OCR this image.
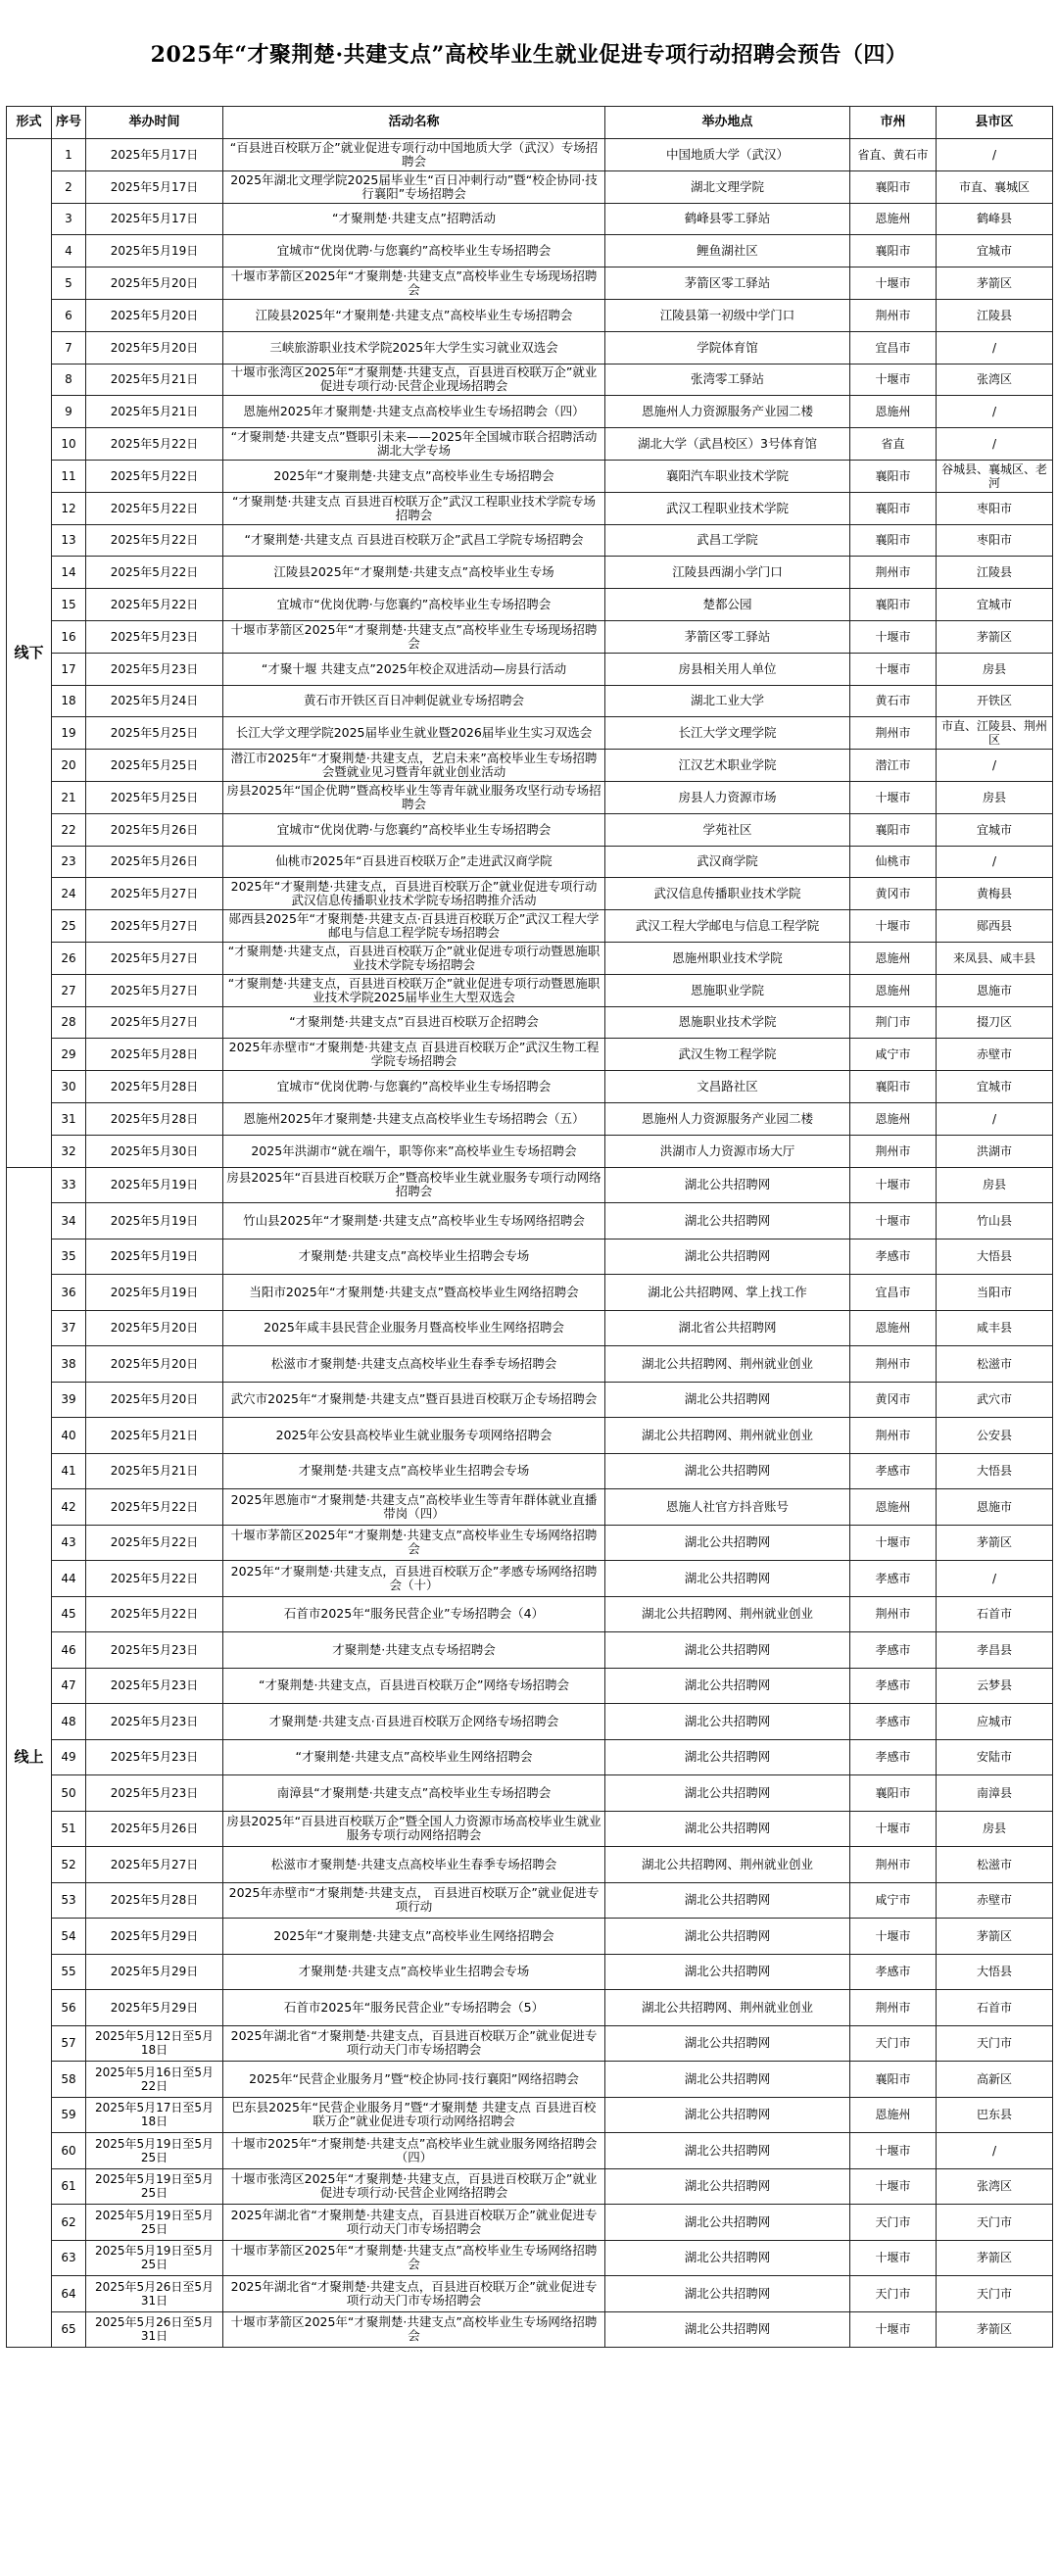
2025年“才聚荆楚·共建支点”高校毕业生就业促进专项行动招聘会预告（四）
形式	序号	举办时间	活动名称	举办地点	市州	县市区
线下	1	2025年5月17日	“百县进百校联万企”就业促进专项行动中国地质大学（武汉）专场招聘会	中国地质大学（武汉）	省直、黄石市	/
	2	2025年5月17日	2025年湖北文理学院2025届毕业生“百日冲刺行动”暨“校企协同·技行襄阳”专场招聘会	湖北文理学院	襄阳市	市直、襄城区
	3	2025年5月17日	“才聚荆楚·共建支点”招聘活动	鹤峰县零工驿站	恩施州	鹤峰县
	4	2025年5月19日	宜城市“优岗优聘·与您襄约”高校毕业生专场招聘会	鲤鱼湖社区	襄阳市	宜城市
	5	2025年5月20日	十堰市茅箭区2025年“才聚荆楚·共建支点”高校毕业生专场现场招聘会	茅箭区零工驿站	十堰市	茅箭区
	6	2025年5月20日	江陵县2025年“才聚荆楚·共建支点”高校毕业生专场招聘会	江陵县第一初级中学门口	荆州市	江陵县
	7	2025年5月20日	三峡旅游职业技术学院2025年大学生实习就业双选会	学院体育馆	宜昌市	/
	8	2025年5月21日	十堰市张湾区2025年“才聚荆楚·共建支点，百县进百校联万企”就业促进专项行动·民营企业现场招聘会	张湾零工驿站	十堰市	张湾区
	9	2025年5月21日	恩施州2025年才聚荆楚·共建支点高校毕业生专场招聘会（四）	恩施州人力资源服务产业园二楼	恩施州	/
	10	2025年5月22日	“才聚荆楚·共建支点”暨职引未来——2025年全国城市联合招聘活动湖北大学专场	湖北大学（武昌校区）3号体育馆	省直	/
	11	2025年5月22日	2025年“才聚荆楚·共建支点”高校毕业生专场招聘会	襄阳汽车职业技术学院	襄阳市	谷城县、襄城区、老河
	12	2025年5月22日	“才聚荆楚·共建支点 百县进百校联万企”武汉工程职业技术学院专场招聘会	武汉工程职业技术学院	襄阳市	枣阳市
	13	2025年5月22日	“才聚荆楚·共建支点 百县进百校联万企”武昌工学院专场招聘会	武昌工学院	襄阳市	枣阳市
	14	2025年5月22日	江陵县2025年“才聚荆楚·共建支点”高校毕业生专场	江陵县西湖小学门口	荆州市	江陵县
	15	2025年5月22日	宜城市“优岗优聘·与您襄约”高校毕业生专场招聘会	楚都公园	襄阳市	宜城市
	16	2025年5月23日	十堰市茅箭区2025年“才聚荆楚·共建支点”高校毕业生专场现场招聘会	茅箭区零工驿站	十堰市	茅箭区
	17	2025年5月23日	“才聚十堰 共建支点”2025年校企双进活动—房县行活动	房县相关用人单位	十堰市	房县
	18	2025年5月24日	黄石市开铁区百日冲刺促就业专场招聘会	湖北工业大学	黄石市	开铁区
	19	2025年5月25日	长江大学文理学院2025届毕业生就业暨2026届毕业生实习双选会	长江大学文理学院	荆州市	市直、江陵县、荆州区
	20	2025年5月25日	潜江市2025年“才聚荆楚·共建支点，艺启未来”高校毕业生专场招聘会暨就业见习暨青年就业创业活动	江汉艺术职业学院	潜江市	/
	21	2025年5月25日	房县2025年“国企优聘”暨高校毕业生等青年就业服务攻坚行动专场招聘会	房县人力资源市场	十堰市	房县
	22	2025年5月26日	宜城市“优岗优聘·与您襄约”高校毕业生专场招聘会	学苑社区	襄阳市	宜城市
	23	2025年5月26日	仙桃市2025年“百县进百校联万企”走进武汉商学院	武汉商学院	仙桃市	/
	24	2025年5月27日	2025年“才聚荆楚·共建支点，百县进百校联万企”就业促进专项行动武汉信息传播职业技术学院专场招聘推介活动	武汉信息传播职业技术学院	黄冈市	黄梅县
	25	2025年5月27日	郧西县2025年“才聚荆楚·共建支点·百县进百校联万企”武汉工程大学邮电与信息工程学院专场招聘会	武汉工程大学邮电与信息工程学院	十堰市	郧西县
	26	2025年5月27日	“才聚荆楚·共建支点，百县进百校联万企”就业促进专项行动暨恩施职业技术学院专场招聘会	恩施州职业技术学院	恩施州	来凤县、咸丰县
	27	2025年5月27日	“才聚荆楚·共建支点，百县进百校联万企”就业促进专项行动暨恩施职业技术学院2025届毕业生大型双选会	恩施职业学院	恩施州	恩施市
	28	2025年5月27日	“才聚荆楚·共建支点”百县进百校联万企招聘会	恩施职业技术学院	荆门市	掇刀区
	29	2025年5月28日	2025年赤壁市“才聚荆楚·共建支点 百县进百校联万企”武汉生物工程学院专场招聘会	武汉生物工程学院	咸宁市	赤壁市
	30	2025年5月28日	宜城市“优岗优聘·与您襄约”高校毕业生专场招聘会	文昌路社区	襄阳市	宜城市
	31	2025年5月28日	恩施州2025年才聚荆楚·共建支点高校毕业生专场招聘会（五）	恩施州人力资源服务产业园二楼	恩施州	/
	32	2025年5月30日	2025年洪湖市“就在端午，职等你来”高校毕业生专场招聘会	洪湖市人力资源市场大厅	荆州市	洪湖市
线上	33	2025年5月19日	房县2025年“百县进百校联万企”暨高校毕业生就业服务专项行动网络招聘会	湖北公共招聘网	十堰市	房县
	34	2025年5月19日	竹山县2025年“才聚荆楚·共建支点”高校毕业生专场网络招聘会	湖北公共招聘网	十堰市	竹山县
	35	2025年5月19日	才聚荆楚·共建支点”高校毕业生招聘会专场	湖北公共招聘网	孝感市	大悟县
	36	2025年5月19日	当阳市2025年“才聚荆楚·共建支点”暨高校毕业生网络招聘会	湖北公共招聘网、掌上找工作	宜昌市	当阳市
	37	2025年5月20日	2025年咸丰县民营企业服务月暨高校毕业生网络招聘会	湖北省公共招聘网	恩施州	咸丰县
	38	2025年5月20日	松滋市才聚荆楚·共建支点高校毕业生春季专场招聘会	湖北公共招聘网、荆州就业创业	荆州市	松滋市
	39	2025年5月20日	武穴市2025年“才聚荆楚·共建支点”暨百县进百校联万企专场招聘会	湖北公共招聘网	黄冈市	武穴市
	40	2025年5月21日	2025年公安县高校毕业生就业服务专项网络招聘会	湖北公共招聘网、荆州就业创业	荆州市	公安县
	41	2025年5月21日	才聚荆楚·共建支点”高校毕业生招聘会专场	湖北公共招聘网	孝感市	大悟县
	42	2025年5月22日	2025年恩施市“才聚荆楚·共建支点”高校毕业生等青年群体就业直播带岗（四）	恩施人社官方抖音账号	恩施州	恩施市
	43	2025年5月22日	十堰市茅箭区2025年“才聚荆楚·共建支点”高校毕业生专场网络招聘会	湖北公共招聘网	十堰市	茅箭区
	44	2025年5月22日	2025年“才聚荆楚·共建支点，百县进百校联万企”孝感专场网络招聘会（十）	湖北公共招聘网	孝感市	/
	45	2025年5月22日	石首市2025年“服务民营企业”专场招聘会（4）	湖北公共招聘网、荆州就业创业	荆州市	石首市
	46	2025年5月23日	才聚荆楚·共建支点专场招聘会	湖北公共招聘网	孝感市	孝昌县
	47	2025年5月23日	“才聚荆楚·共建支点，百县进百校联万企”网络专场招聘会	湖北公共招聘网	孝感市	云梦县
	48	2025年5月23日	才聚荆楚·共建支点·百县进百校联万企网络专场招聘会	湖北公共招聘网	孝感市	应城市
	49	2025年5月23日	“才聚荆楚·共建支点”高校毕业生网络招聘会	湖北公共招聘网	孝感市	安陆市
	50	2025年5月23日	南漳县“才聚荆楚·共建支点”高校毕业生专场招聘会	湖北公共招聘网	襄阳市	南漳县
	51	2025年5月26日	房县2025年“百县进百校联万企”暨全国人力资源市场高校毕业生就业服务专项行动网络招聘会	湖北公共招聘网	十堰市	房县
	52	2025年5月27日	松滋市才聚荆楚·共建支点高校毕业生春季专场招聘会	湖北公共招聘网、荆州就业创业	荆州市	松滋市
	53	2025年5月28日	2025年赤壁市“才聚荆楚·共建支点， 百县进百校联万企”就业促进专项行动	湖北公共招聘网	咸宁市	赤壁市
	54	2025年5月29日	2025年“才聚荆楚·共建支点”高校毕业生网络招聘会	湖北公共招聘网	十堰市	茅箭区
	55	2025年5月29日	才聚荆楚·共建支点”高校毕业生招聘会专场	湖北公共招聘网	孝感市	大悟县
	56	2025年5月29日	石首市2025年“服务民营企业”专场招聘会（5）	湖北公共招聘网、荆州就业创业	荆州市	石首市
	57	2025年5月12日至5月18日	2025年湖北省“才聚荆楚·共建支点，百县进百校联万企”就业促进专项行动天门市专场招聘会	湖北公共招聘网	天门市	天门市
	58	2025年5月16日至5月22日	2025年“民营企业服务月”暨“校企协同·技行襄阳”网络招聘会	湖北公共招聘网	襄阳市	高新区
	59	2025年5月17日至5月18日	巴东县2025年“民营企业服务月”暨“才聚荆楚 共建支点 百县进百校联万企”就业促进专项行动网络招聘会	湖北公共招聘网	恩施州	巴东县
	60	2025年5月19日至5月25日	十堰市2025年“才聚荆楚·共建支点”高校毕业生就业服务网络招聘会（四）	湖北公共招聘网	十堰市	/
	61	2025年5月19日至5月25日	十堰市张湾区2025年“才聚荆楚·共建支点，百县进百校联万企”就业促进专项行动·民营企业网络招聘会	湖北公共招聘网	十堰市	张湾区
	62	2025年5月19日至5月25日	2025年湖北省“才聚荆楚·共建支点，百县进百校联万企”就业促进专项行动天门市专场招聘会	湖北公共招聘网	天门市	天门市
	63	2025年5月19日至5月25日	十堰市茅箭区2025年“才聚荆楚·共建支点”高校毕业生专场网络招聘会	湖北公共招聘网	十堰市	茅箭区
	64	2025年5月26日至5月31日	2025年湖北省“才聚荆楚·共建支点，百县进百校联万企”就业促进专项行动天门市专场招聘会	湖北公共招聘网	天门市	天门市
	65	2025年5月26日至5月31日	十堰市茅箭区2025年“才聚荆楚·共建支点”高校毕业生专场网络招聘会	湖北公共招聘网	十堰市	茅箭区
